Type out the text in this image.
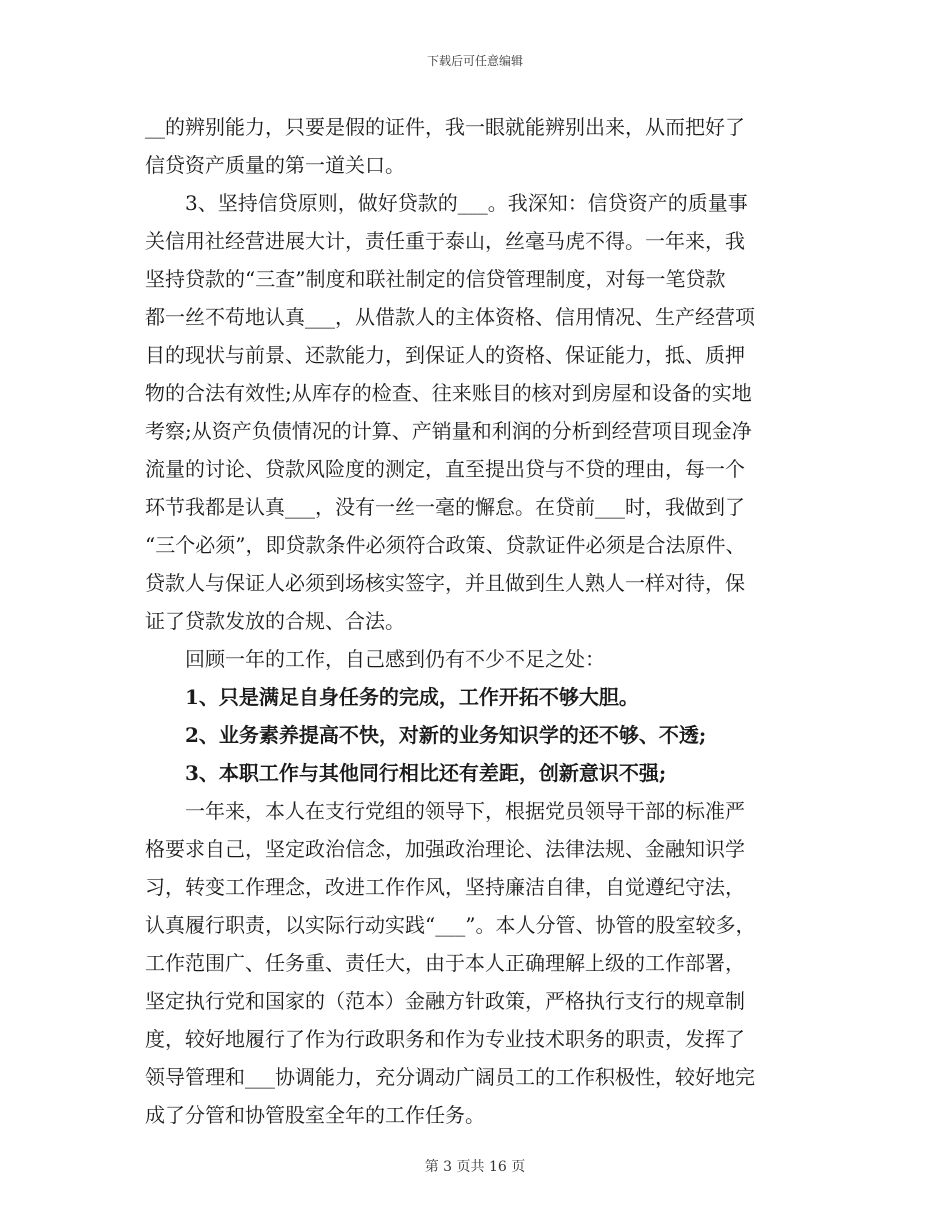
下载后可任意编辑
__的辨别能力，只要是假的证件，我一眼就能辨别出来，从而把好了
信贷资产质量的第一道关口。
3、坚持信贷原则，做好贷款的___。我深知：信贷资产的质量事
关信用社经营进展大计，责任重于泰山，丝毫马虎不得。一年来，我
坚持贷款的“三查”制度和联社制定的信贷管理制度，对每一笔贷款
都一丝不苟地认真___，从借款人的主体资格、信用情况、生产经营项
目的现状与前景、还款能力，到保证人的资格、保证能力，抵、质押
物的合法有效性;从库存的检查、往来账目的核对到房屋和设备的实地
考察;从资产负债情况的计算、产销量和利润的分析到经营项目现金净
流量的讨论、贷款风险度的测定，直至提出贷与不贷的理由，每一个
环节我都是认真___，没有一丝一毫的懈怠。在贷前___时，我做到了
“三个必须”，即贷款条件必须符合政策、贷款证件必须是合法原件、
贷款人与保证人必须到场核实签字，并且做到生人熟人一样对待，保
证了贷款发放的合规、合法。
回顾一年的工作，自己感到仍有不少不足之处：
1、只是满足自身任务的完成，工作开拓不够大胆。
2、业务素养提高不快，对新的业务知识学的还不够、不透;
3、本职工作与其他同行相比还有差距，创新意识不强;
一年来，本人在支行党组的领导下，根据党员领导干部的标准严
格要求自己，坚定政治信念，加强政治理论、法律法规、金融知识学
习，转变工作理念，改进工作作风，坚持廉洁自律，自觉遵纪守法，
认真履行职责，以实际行动实践“___”。本人分管、协管的股室较多，
工作范围广、任务重、责任大，由于本人正确理解上级的工作部署，
坚定执行党和国家的（范本）金融方针政策，严格执行支行的规章制
度，较好地履行了作为行政职务和作为专业技术职务的职责，发挥了
领导管理和___协调能力，充分调动广阔员工的工作积极性，较好地完
成了分管和协管股室全年的工作任务。
第 3 页共 16 页
